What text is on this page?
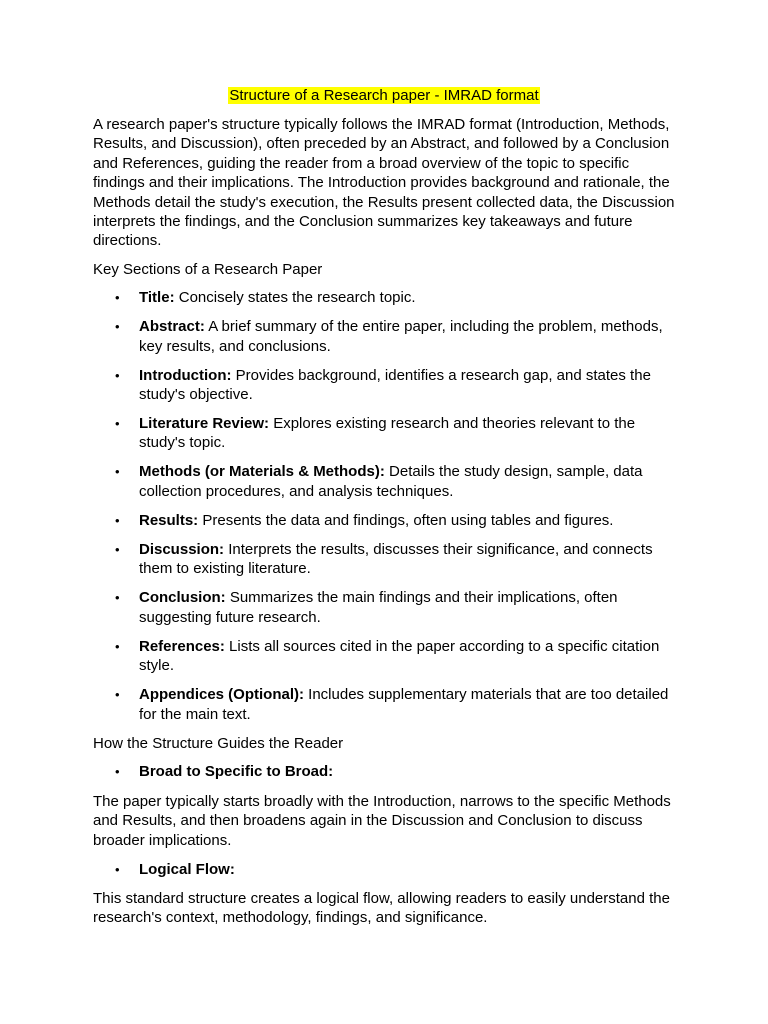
Structure of a Research paper - IMRAD format

A research paper's structure typically follows the IMRAD format (Introduction, Methods, Results, and Discussion), often preceded by an Abstract, and followed by a Conclusion and References, guiding the reader from a broad overview of the topic to specific findings and their implications. The Introduction provides background and rationale, the Methods detail the study's execution, the Results present collected data, the Discussion interprets the findings, and the Conclusion summarizes key takeaways and future directions.

Key Sections of a Research Paper

• Title: Concisely states the research topic.
• Abstract: A brief summary of the entire paper, including the problem, methods, key results, and conclusions.
• Introduction: Provides background, identifies a research gap, and states the study's objective.
• Literature Review: Explores existing research and theories relevant to the study's topic.
• Methods (or Materials & Methods): Details the study design, sample, data collection procedures, and analysis techniques.
• Results: Presents the data and findings, often using tables and figures.
• Discussion: Interprets the results, discusses their significance, and connects them to existing literature.
• Conclusion: Summarizes the main findings and their implications, often suggesting future research.
• References: Lists all sources cited in the paper according to a specific citation style.
• Appendices (Optional): Includes supplementary materials that are too detailed for the main text.

How the Structure Guides the Reader

• Broad to Specific to Broad:

The paper typically starts broadly with the Introduction, narrows to the specific Methods and Results, and then broadens again in the Discussion and Conclusion to discuss broader implications.

• Logical Flow:

This standard structure creates a logical flow, allowing readers to easily understand the research's context, methodology, findings, and significance.
